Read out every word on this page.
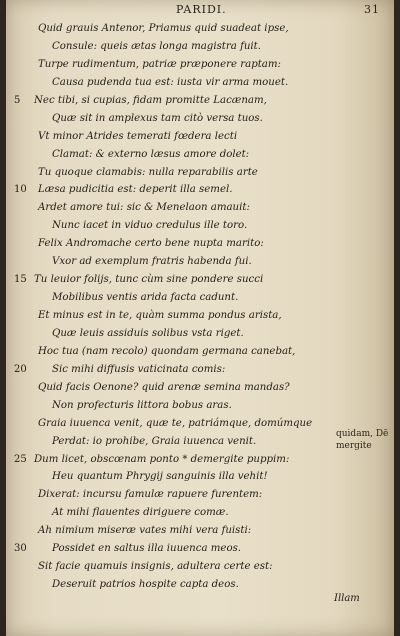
PARIDI.	31
Quid grauis Antenor, Priamus quid suadeat ipse,
Consule: queis ætas longa magistra fuit.
Turpe rudimentum, patriæ præponere raptam:
Causa pudenda tua est: iusta vir arma mouet.
5 Nec tibi, si cupias, fidam promitte Lacænam,
Quæ sit in amplexus tam citò versa tuos.
Vt minor Atrides temerati fœdera lecti
Clamat: & externo læsus amore dolet:
Tu quoque clamabis: nulla reparabilis arte
10 Læsa pudicitia est: deperit illa semel.
Ardet amore tui: sic & Menelaon amauit:
Nunc iacet in viduo credulus ille toro.
Felix Andromache certo bene nupta marito:
Vxor ad exemplum fratris habenda fui.
15 Tu leuior folijs, tunc cùm sine pondere succi
Mobilibus ventis arida facta cadunt.
Et minus est in te, quàm summa pondus arista,
Quæ leuis assiduis solibus vsta riget.
Hoc tua (nam recolo) quondam germana canebat,
20 Sic mihi diffusis vaticinata comis:
Quid facis Oenone? quid arenæ semina mandas?
Non profecturis littora bobus aras.
Graia iuuenca venit, quæ te, patriámque, domúmque
Perdat: io prohibe, Graia iuuenca venit.
25 Dum licet, obscœnam ponto * demergite puppim:
Heu quantum Phrygij sanguinis illa vehit!
Dixerat: incursu famulæ rapuere furentem:
At mihi flauentes diriguere comæ.
Ah nimium miseræ vates mihi vera fuisti:
30 Possidet en saltus illa iuuenca meos.
Sit facie quamuis insignis, adultera certe est:
Deseruit patrios hospite capta deos.
quidam, Dē
mergite
Illam
